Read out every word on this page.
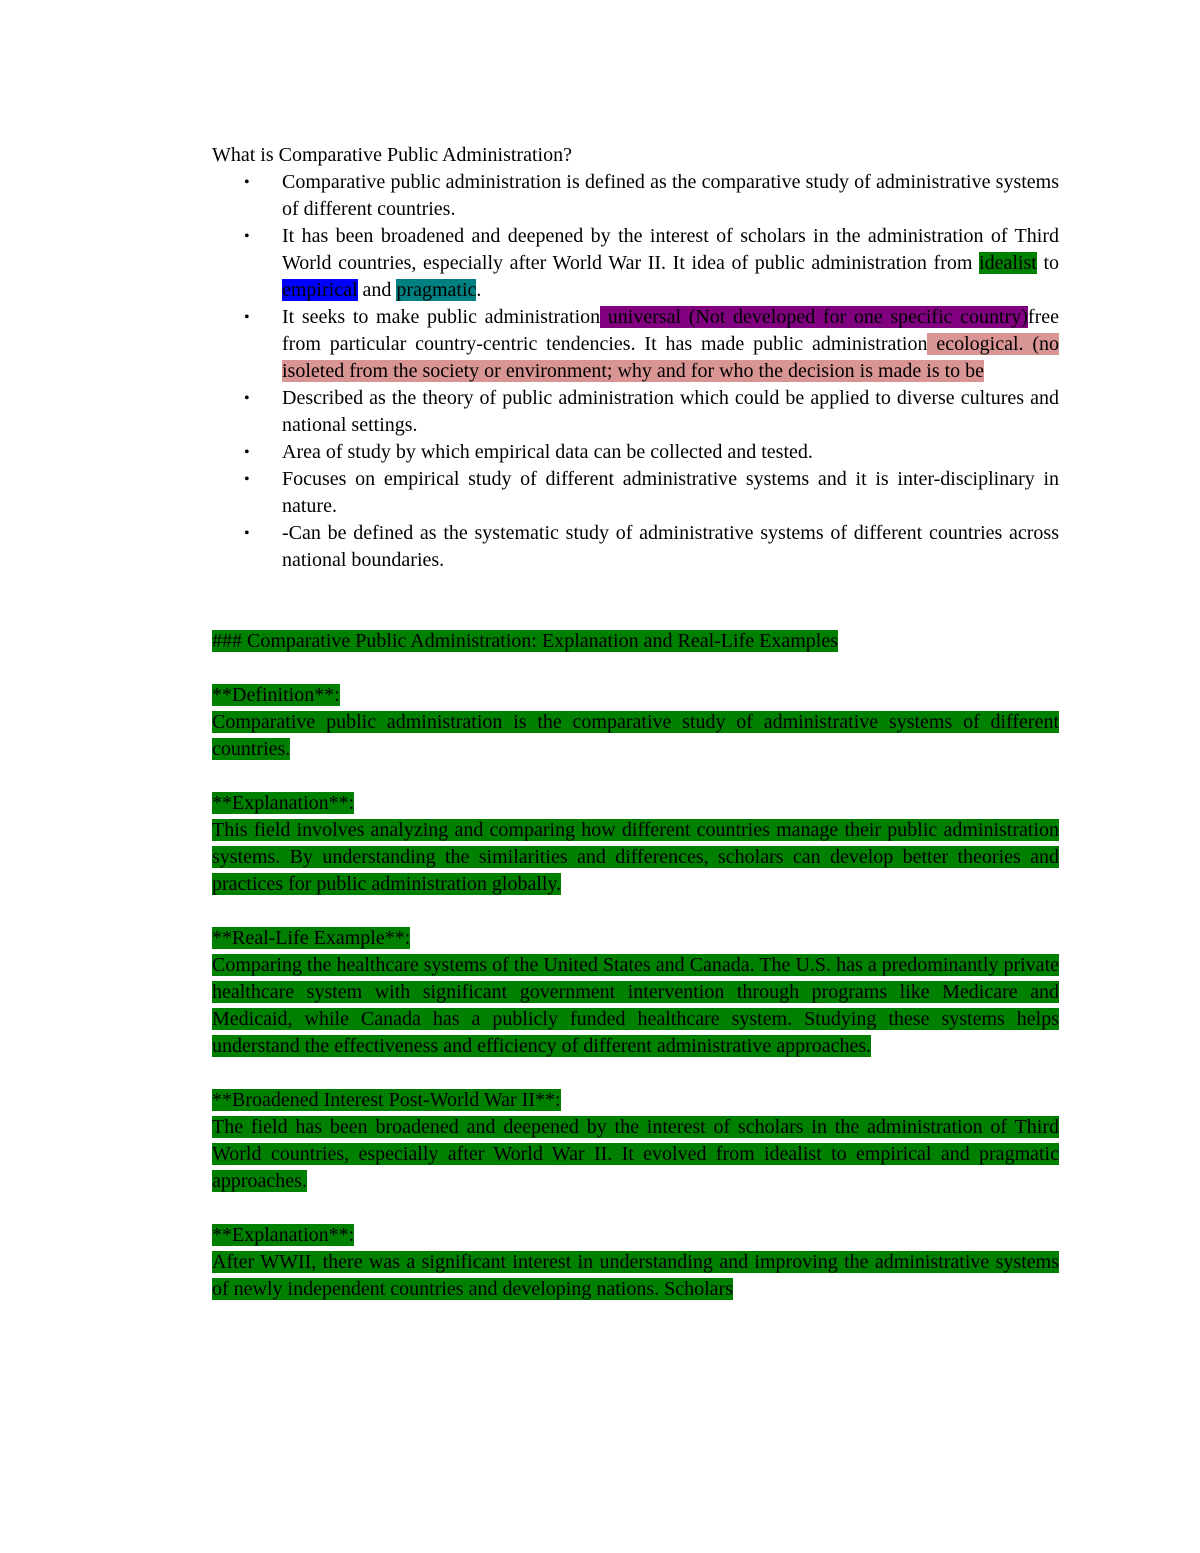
What is Comparative Public Administration?

• Comparative public administration is defined as the comparative study of administrative systems of different countries.
• It has been broadened and deepened by the interest of scholars in the administration of Third World countries, especially after World War II. It idea of public administration from idealist to empirical and pragmatic.
• It seeks to make public administration universal (Not developed for one specific country)free from particular country-centric tendencies. It has made public administration ecological. (no isoleted from the society or environment; why and for who the decision is made is to be
• Described as the theory of public administration which could be applied to diverse cultures and national settings.
• Area of study by which empirical data can be collected and tested.
• Focuses on empirical study of different administrative systems and it is inter-disciplinary in nature.
• -Can be defined as the systematic study of administrative systems of different countries across national boundaries.

### Comparative Public Administration: Explanation and Real-Life Examples

**Definition**:

Comparative public administration is the comparative study of administrative systems of different countries.

**Explanation**:

This field involves analyzing and comparing how different countries manage their public administration systems. By understanding the similarities and differences, scholars can develop better theories and practices for public administration globally.

**Real-Life Example**:

Comparing the healthcare systems of the United States and Canada. The U.S. has a predominantly private healthcare system with significant government intervention through programs like Medicare and Medicaid, while Canada has a publicly funded healthcare system. Studying these systems helps understand the effectiveness and efficiency of different administrative approaches.

**Broadened Interest Post-World War II**:

The field has been broadened and deepened by the interest of scholars in the administration of Third World countries, especially after World War II. It evolved from idealist to empirical and pragmatic approaches.

**Explanation**:

After WWII, there was a significant interest in understanding and improving the administrative systems of newly independent countries and developing nations. Scholars
